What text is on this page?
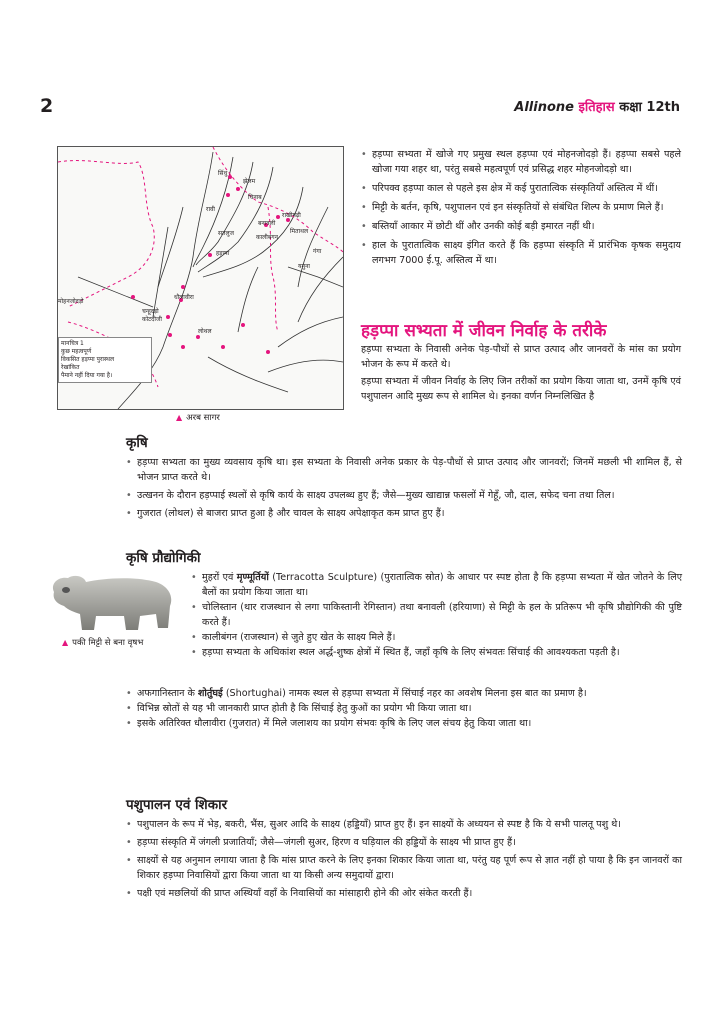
2	Allinone इतिहास कक्षा 12th
सिंधु
झेलम
चिनाब
रावी
सतलुज
हड़प्पा
कालीबंगन
राखीगढ़ी
बनावली
मिताथल
गंगा
यमुना
मोहनजोदड़ो
चन्हूदड़ो
कोटदीजी
धौलावीरा
लोथल
मानचित्र 1
कुछ महत्वपूर्ण
विकसित हड़प्पा पुरास्थल
रेखांकित
पैमाने नहीं दिया गया है।
▲ अरब सागर
• हड़प्पा सभ्यता में खोजे गए प्रमुख स्थल हड़प्पा एवं मोहनजोदड़ो हैं। हड़प्पा सबसे पहले खोजा गया शहर था, परंतु सबसे महत्वपूर्ण एवं प्रसिद्ध शहर मोहनजोदड़ो था।
• परिपक्व हड़प्पा काल से पहले इस क्षेत्र में कई पुरातात्विक संस्कृतियाँ अस्तित्व में थीं।
• मिट्टी के बर्तन, कृषि, पशुपालन एवं इन संस्कृतियों से संबंधित शिल्प के प्रमाण मिले हैं।
• बस्तियाँ आकार में छोटी थीं और उनकी कोई बड़ी इमारत नहीं थी।
• हाल के पुरातात्विक साक्ष्य इंगित करते हैं कि हड़प्पा संस्कृति में प्रारंभिक कृषक समुदाय लगभग 7000 ई.पू. अस्तित्व में था।
हड़प्पा सभ्यता में जीवन निर्वाह के तरीके
हड़प्पा सभ्यता के निवासी अनेक पेड़-पौधों से प्राप्त उत्पाद और जानवरों के मांस का प्रयोग भोजन के रूप में करते थे।
हड़प्पा सभ्यता में जीवन निर्वाह के लिए जिन तरीकों का प्रयोग किया जाता था, उनमें कृषि एवं पशुपालन आदि मुख्य रूप से शामिल थे। इनका वर्णन निम्नलिखित है
कृषि
• हड़प्पा सभ्यता का मुख्य व्यवसाय कृषि था। इस सभ्यता के निवासी अनेक प्रकार के पेड़-पौधों से प्राप्त उत्पाद और जानवरों; जिनमें मछली भी शामिल हैं, से भोजन प्राप्त करते थे।
• उत्खनन के दौरान हड़प्पाई स्थलों से कृषि कार्य के साक्ष्य उपलब्ध हुए हैं; जैसे—मुख्य खाद्यान्न फसलों में गेहूँ, जौ, दाल, सफेद चना तथा तिल।
• गुजरात (लोथल) से बाजरा प्राप्त हुआ है और चावल के साक्ष्य अपेक्षाकृत कम प्राप्त हुए हैं।
कृषि प्रौद्योगिकी
▲ पकी मिट्टी से बना वृषभ
• मुहरों एवं मृण्मूर्तियों (Terracotta Sculpture) (पुरातात्विक स्रोत) के आधार पर स्पष्ट होता है कि हड़प्पा सभ्यता में खेत जोतने के लिए बैलों का प्रयोग किया जाता था।
• चोलिस्तान (थार राजस्थान से लगा पाकिस्तानी रेगिस्तान) तथा बनावली (हरियाणा) से मिट्टी के हल के प्रतिरूप भी कृषि प्रौद्योगिकी की पुष्टि करते हैं।
• कालीबंगन (राजस्थान) से जुते हुए खेत के साक्ष्य मिले हैं।
• हड़प्पा सभ्यता के अधिकांश स्थल अर्द्ध-शुष्क क्षेत्रों में स्थित हैं, जहाँ कृषि के लिए संभवतः सिंचाई की आवश्यकता पड़ती है।
• अफगानिस्तान के शोर्तुघई (Shortughai) नामक स्थल से हड़प्पा सभ्यता में सिंचाई नहर का अवशेष मिलना इस बात का प्रमाण है।
• विभिन्न स्रोतों से यह भी जानकारी प्राप्त होती है कि सिंचाई हेतु कुओं का प्रयोग भी किया जाता था।
• इसके अतिरिक्त धौलावीरा (गुजरात) में मिले जलाशय का प्रयोग संभवः कृषि के लिए जल संचय हेतु किया जाता था।
पशुपालन एवं शिकार
• पशुपालन के रूप में भेड़, बकरी, भैंस, सुअर आदि के साक्ष्य (हड्डियाँ) प्राप्त हुए हैं। इन साक्ष्यों के अध्ययन से स्पष्ट है कि ये सभी पालतू पशु थे।
• हड़प्पा संस्कृति में जंगली प्रजातियाँ; जैसे—जंगली सुअर, हिरण व घड़ियाल की हड्डियों के साक्ष्य भी प्राप्त हुए हैं।
• साक्ष्यों से यह अनुमान लगाया जाता है कि मांस प्राप्त करने के लिए इनका शिकार किया जाता था, परंतु यह पूर्ण रूप से ज्ञात नहीं हो पाया है कि इन जानवरों का शिकार हड़प्पा निवासियों द्वारा किया जाता था या किसी अन्य समुदायों द्वारा।
• पक्षी एवं मछलियों की प्राप्त अस्थियाँ वहाँ के निवासियों का मांसाहारी होने की ओर संकेत करती हैं।
